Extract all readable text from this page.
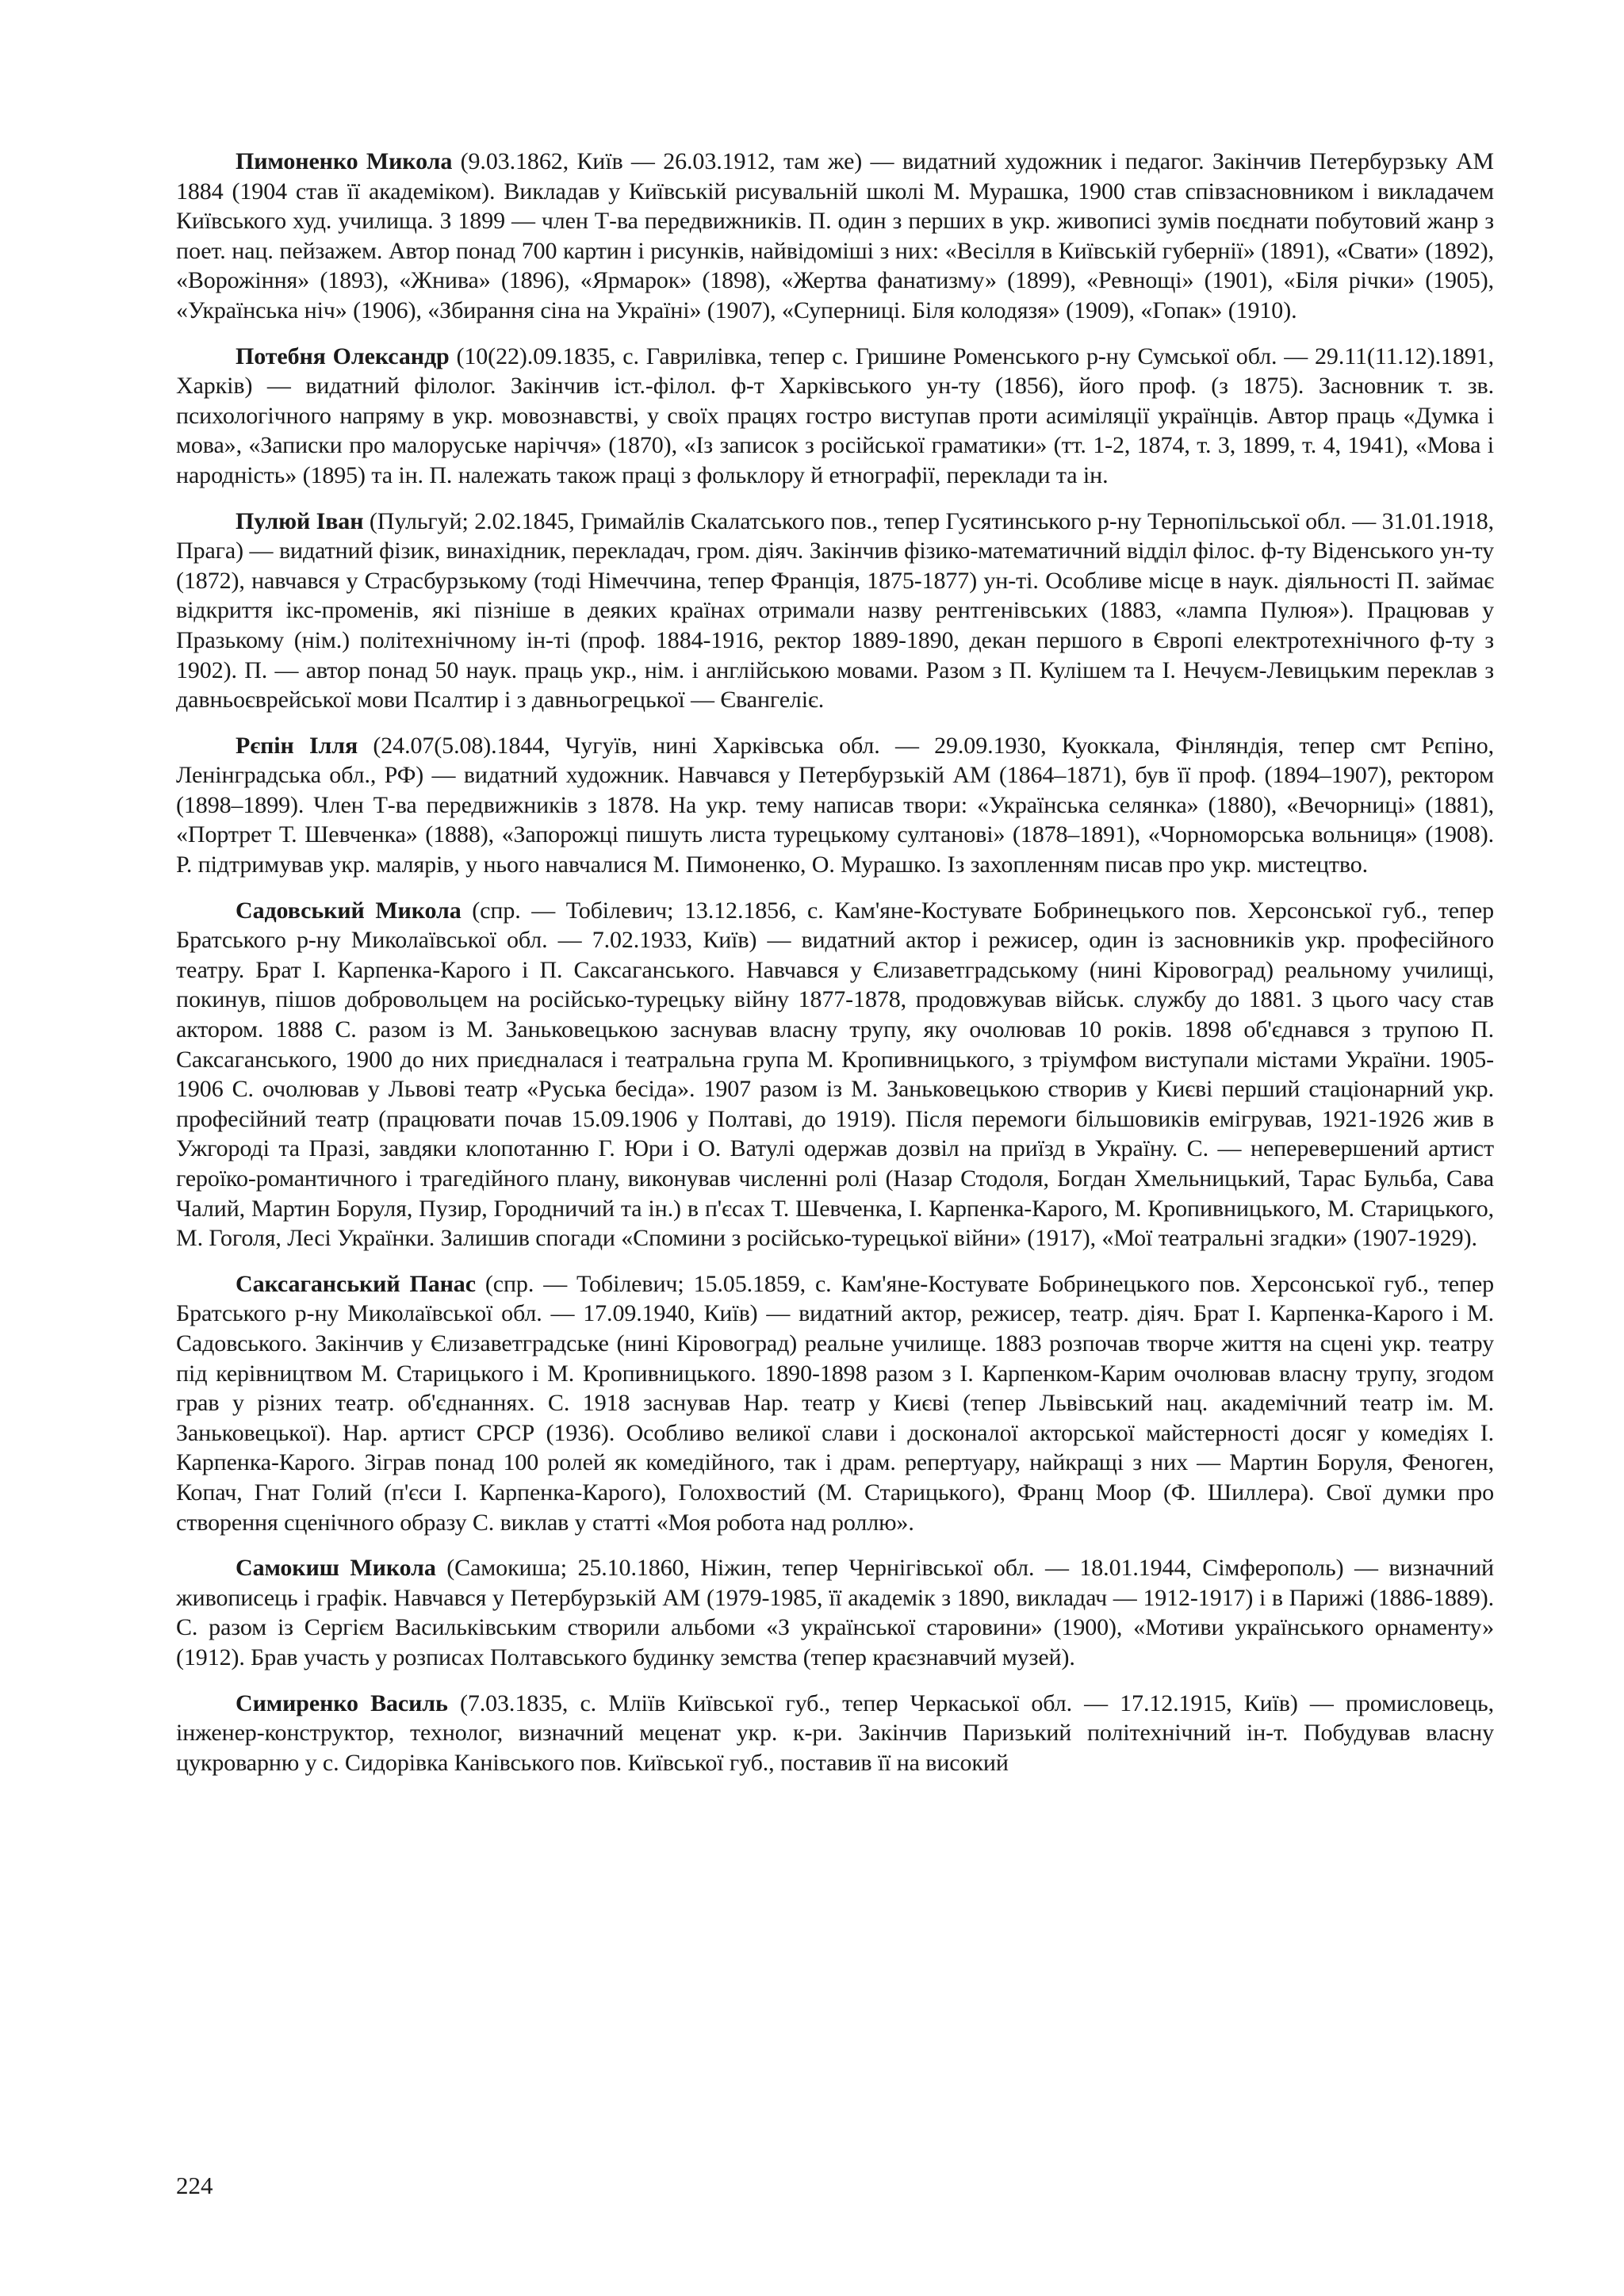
Пимоненко Микола (9.03.1862, Київ — 26.03.1912, там же) — видатний художник і педагог. Закінчив Петербурзьку АМ 1884 (1904 став її академіком). Викладав у Київській рисувальній школі М. Мурашка, 1900 став співзасновником і викладачем Київського худ. училища. З 1899 — член Т-ва передвижників. П. один з перших в укр. живописі зумів поєднати побутовий жанр з поет. нац. пейзажем. Автор понад 700 картин і рисунків, найвідоміші з них: «Весілля в Київській губернії» (1891), «Свати» (1892), «Ворожіння» (1893), «Жнива» (1896), «Ярмарок» (1898), «Жертва фанатизму» (1899), «Ревнощі» (1901), «Біля річки» (1905), «Українська ніч» (1906), «Збирання сіна на Україні» (1907), «Суперниці. Біля колодязя» (1909), «Гопак» (1910).

Потебня Олександр (10(22).09.1835, с. Гаврилівка, тепер с. Гришине Роменського р-ну Сумської обл. — 29.11(11.12).1891, Харків) — видатний філолог. Закінчив іст.-філол. ф-т Харківського ун-ту (1856), його проф. (з 1875). Засновник т. зв. психологічного напряму в укр. мовознавстві, у своїх працях гостро виступав проти асиміляції українців. Автор праць «Думка і мова», «Записки про малоруське наріччя» (1870), «Із записок з російської граматики» (тт. 1-2, 1874, т. 3, 1899, т. 4, 1941), «Мова і народність» (1895) та ін. П. належать також праці з фольклору й етнографії, переклади та ін.

Пулюй Іван (Пульгуй; 2.02.1845, Гримайлів Скалатського пов., тепер Гусятинського р-ну Тернопільської обл. — 31.01.1918, Прага) — видатний фізик, винахідник, перекладач, гром. діяч. Закінчив фізико-математичний відділ філос. ф-ту Віденського ун-ту (1872), навчався у Страсбурзькому (тоді Німеччина, тепер Франція, 1875-1877) ун-ті. Особливе місце в наук. діяльності П. займає відкриття ікс-променів, які пізніше в деяких країнах отримали назву рентгенівських (1883, «лампа Пулюя»). Працював у Празькому (нім.) політехнічному ін-ті (проф. 1884-1916, ректор 1889-1890, декан першого в Європі електротехнічного ф-ту з 1902). П. — автор понад 50 наук. праць укр., нім. і англійською мовами. Разом з П. Кулішем та І. Нечуєм-Левицьким переклав з давньоєврейської мови Псалтир і з давньогрецької — Євангеліє.

Рєпін Ілля (24.07(5.08).1844, Чугуїв, нині Харківська обл. — 29.09.1930, Куоккала, Фінляндія, тепер смт Рєпіно, Ленінградська обл., РФ) — видатний художник. Навчався у Петербурзькій АМ (1864–1871), був її проф. (1894–1907), ректором (1898–1899). Член Т-ва передвижників з 1878. На укр. тему написав твори: «Українська селянка» (1880), «Вечорниці» (1881), «Портрет Т. Шевченка» (1888), «Запорожці пишуть листа турецькому султанові» (1878–1891), «Чорноморська вольниця» (1908). Р. підтримував укр. малярів, у нього навчалися М. Пимоненко, О. Мурашко. Із захопленням писав про укр. мистецтво.

Садовський Микола (спр. — Тобілевич; 13.12.1856, с. Кам'яне-Костувате Бобринецького пов. Херсонської губ., тепер Братського р-ну Миколаївської обл. — 7.02.1933, Київ) — видатний актор і режисер, один із засновників укр. професійного театру. Брат І. Карпенка-Карого і П. Саксаганського. Навчався у Єлизаветградському (нині Кіровоград) реальному училищі, покинув, пішов добровольцем на російсько-турецьку війну 1877-1878, продовжував військ. службу до 1881. З цього часу став актором. 1888 С. разом із М. Заньковецькою заснував власну трупу, яку очолював 10 років. 1898 об'єднався з трупою П. Саксаганського, 1900 до них приєдналася і театральна група М. Кропивницького, з тріумфом виступали містами України. 1905-1906 С. очолював у Львові театр «Руська бесіда». 1907 разом із М. Заньковецькою створив у Києві перший стаціонарний укр. професійний театр (працювати почав 15.09.1906 у Полтаві, до 1919). Після перемоги більшовиків емігрував, 1921-1926 жив в Ужгороді та Празі, завдяки клопотанню Г. Юри і О. Ватулі одержав дозвіл на приїзд в Україну. С. — неперевершений артист героїко-романтичного і трагедійного плану, виконував численні ролі (Назар Стодоля, Богдан Хмельницький, Тарас Бульба, Сава Чалий, Мартин Боруля, Пузир, Городничий та ін.) в п'єсах Т. Шевченка, І. Карпенка-Карого, М. Кропивницького, М. Старицького, М. Гоголя, Лесі Українки. Залишив спогади «Спомини з російсько-турецької війни» (1917), «Мої театральні згадки» (1907-1929).

Саксаганський Панас (спр. — Тобілевич; 15.05.1859, с. Кам'яне-Костувате Бобринецького пов. Херсонської губ., тепер Братського р-ну Миколаївської обл. — 17.09.1940, Київ) — видатний актор, режисер, театр. діяч. Брат І. Карпенка-Карого і М. Садовського. Закінчив у Єлизаветградське (нині Кіровоград) реальне училище. 1883 розпочав творче життя на сцені укр. театру під керівництвом М. Старицького і М. Кропивницького. 1890-1898 разом з І. Карпенком-Карим очолював власну трупу, згодом грав у різних театр. об'єднаннях. С. 1918 заснував Нар. театр у Києві (тепер Львівський нац. академічний театр ім. М. Заньковецької). Нар. артист СРСР (1936). Особливо великої слави і досконалої акторської майстерності досяг у комедіях І. Карпенка-Карого. Зіграв понад 100 ролей як комедійного, так і драм. репертуару, найкращі з них — Мартин Боруля, Феноген, Копач, Гнат Голий (п'єси І. Карпенка-Карого), Голохвостий (М. Старицького), Франц Моор (Ф. Шиллера). Свої думки про створення сценічного образу С. виклав у статті «Моя робота над роллю».

Самокиш Микола (Самокиша; 25.10.1860, Ніжин, тепер Чернігівської обл. — 18.01.1944, Сімферополь) — визначний живописець і графік. Навчався у Петербурзькій АМ (1979-1985, її академік з 1890, викладач — 1912-1917) і в Парижі (1886-1889). С. разом із Сергієм Васильківським створили альбоми «З української старовини» (1900), «Мотиви українського орнаменту» (1912). Брав участь у розписах Полтавського будинку земства (тепер краєзнавчий музей).

Симиренко Василь (7.03.1835, с. Мліїв Київської губ., тепер Черкаської обл. — 17.12.1915, Київ) — промисловець, інженер-конструктор, технолог, визначний меценат укр. к-ри. Закінчив Паризький політехнічний ін-т. Побудував власну цукроварню у с. Сидорівка Канівського пов. Київської губ., поставив її на високий

224
